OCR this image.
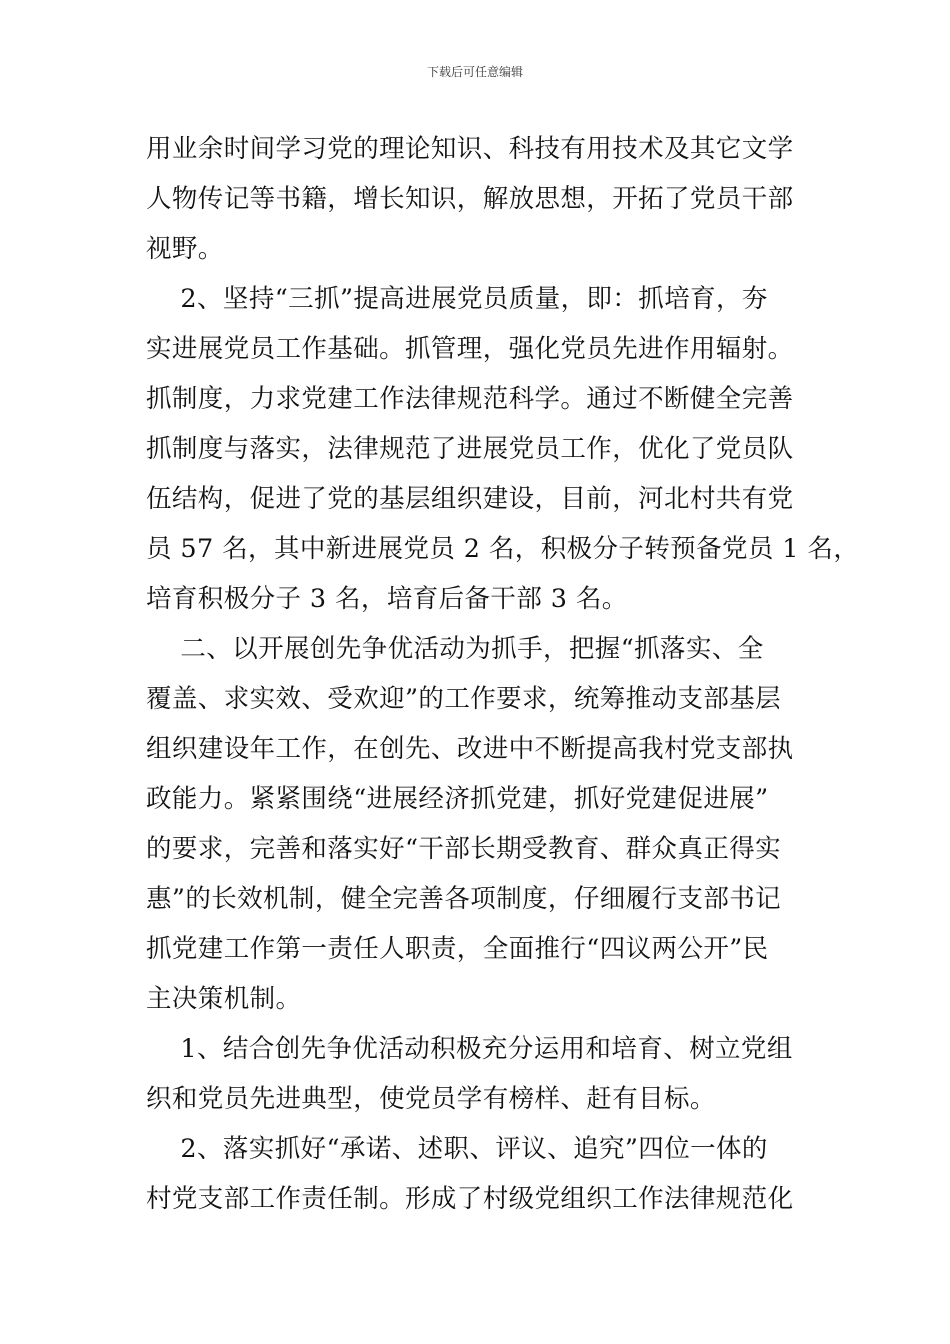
下载后可任意编辑
用业余时间学习党的理论知识、科技有用技术及其它文学
人物传记等书籍，增长知识，解放思想，开拓了党员干部
视野。
　 2、坚持“三抓”提高进展党员质量，即：抓培育，夯
实进展党员工作基础。抓管理，强化党员先进作用辐射。
抓制度，力求党建工作法律规范科学。通过不断健全完善
抓制度与落实，法律规范了进展党员工作，优化了党员队
伍结构，促进了党的基层组织建设，目前，河北村共有党
员 57 名，其中新进展党员 2 名，积极分子转预备党员 1 名，
培育积极分子 3 名，培育后备干部 3 名。
　 二、以开展创先争优活动为抓手，把握“抓落实、全
覆盖、求实效、受欢迎”的工作要求，统筹推动支部基层
组织建设年工作，在创先、改进中不断提高我村党支部执
政能力。紧紧围绕“进展经济抓党建，抓好党建促进展”
的要求，完善和落实好“干部长期受教育、群众真正得实
惠”的长效机制，健全完善各项制度，仔细履行支部书记
抓党建工作第一责任人职责，全面推行“四议两公开”民
主决策机制。
　 1、结合创先争优活动积极充分运用和培育、树立党组
织和党员先进典型，使党员学有榜样、赶有目标。
　 2、落实抓好“承诺、述职、评议、追究”四位一体的
村党支部工作责任制。形成了村级党组织工作法律规范化
